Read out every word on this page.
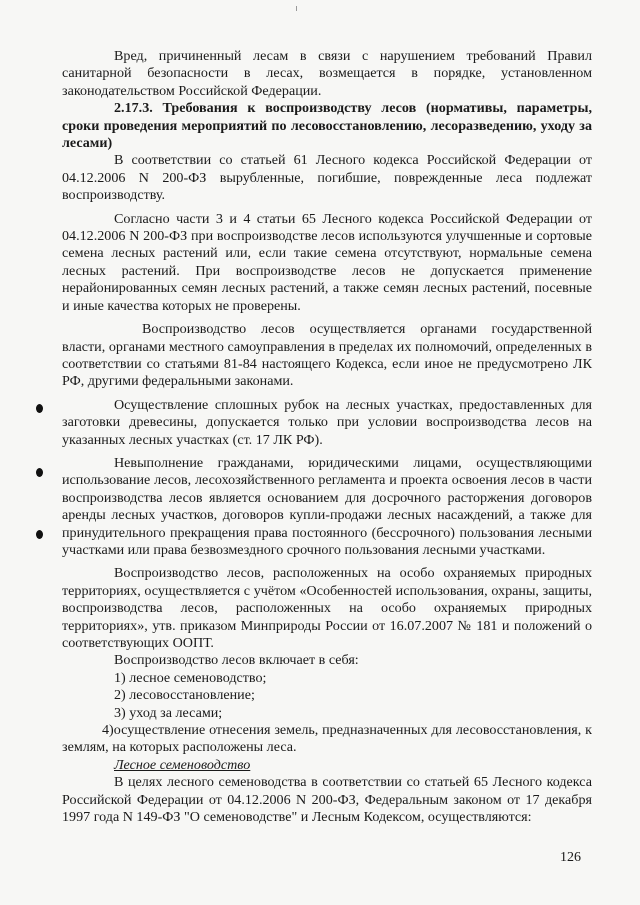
Вред, причиненный лесам в связи с нарушением требований Правил санитарной безопасности в лесах, возмещается в порядке, установленном законодательством Российской Федерации.

2.17.3. Требования к воспроизводству лесов (нормативы, параметры, сроки проведения мероприятий по лесовосстановлению, лесоразведению, уходу за лесами)

В соответствии со статьей 61 Лесного кодекса Российской Федерации от 04.12.2006 N 200-ФЗ вырубленные, погибшие, поврежденные леса подлежат воспроизводству.

Согласно части 3 и 4 статьи 65 Лесного кодекса Российской Федерации от 04.12.2006 N 200-ФЗ при воспроизводстве лесов используются улучшенные и сортовые семена лесных растений или, если такие семена отсутствуют, нормальные семена лесных растений. При воспроизводстве лесов не допускается применение нерайонированных семян лесных растений, а также семян лесных растений, посевные и иные качества которых не проверены.

Воспроизводство лесов осуществляется органами государственной власти, органами местного самоуправления в пределах их полномочий, определенных в соответствии со статьями 81-84 настоящего Кодекса, если иное не предусмотрено ЛК РФ, другими федеральными законами.

Осуществление сплошных рубок на лесных участках, предоставленных для заготовки древесины, допускается только при условии воспроизводства лесов на указанных лесных участках (ст. 17 ЛК РФ).

Невыполнение гражданами, юридическими лицами, осуществляющими использование лесов, лесохозяйственного регламента и проекта освоения лесов в части воспроизводства лесов является основанием для досрочного расторжения договоров аренды лесных участков, договоров купли-продажи лесных насаждений, а также для принудительного прекращения права постоянного (бессрочного) пользования лесными участками или права безвозмездного срочного пользования лесными участками.

Воспроизводство лесов, расположенных на особо охраняемых природных территориях, осуществляется с учётом «Особенностей использования, охраны, защиты, воспроизводства лесов, расположенных на особо охраняемых природных территориях», утв. приказом Минприроды России от 16.07.2007 № 181 и положений о соответствующих ООПТ.

Воспроизводство лесов включает в себя:

1) лесное семеноводство;

2) лесовосстановление;

3) уход за лесами;

4)осуществление отнесения земель, предназначенных для лесовосстановления, к землям, на которых расположены леса.

Лесное семеноводство

В целях лесного семеноводства в соответствии со статьей 65 Лесного кодекса Российской Федерации от 04.12.2006 N 200-ФЗ, Федеральным законом от 17 декабря 1997 года N 149-ФЗ "О семеноводстве" и Лесным Кодексом, осуществляются:

126
